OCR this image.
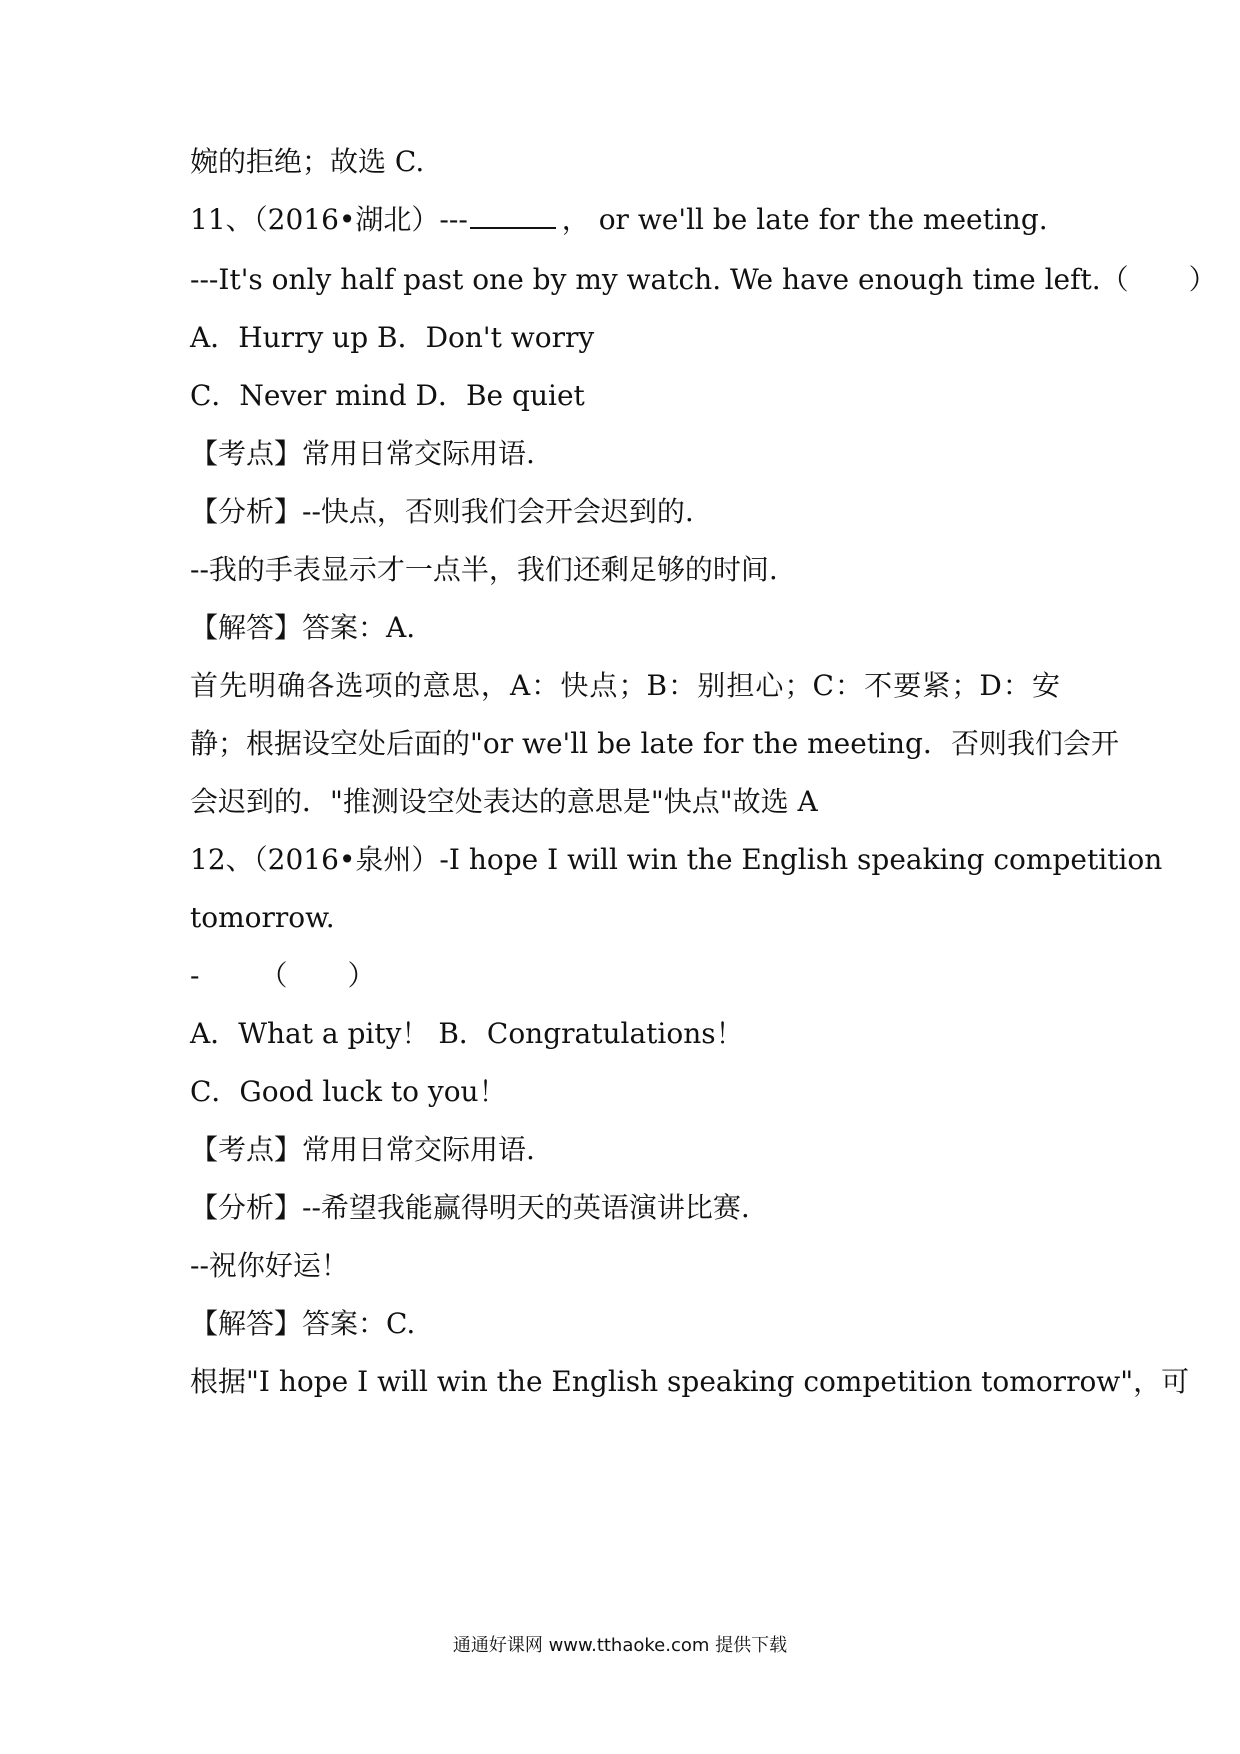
婉的拒绝；故选 C.
11、（2016•湖北）---	， or we'll be late for the meeting.
---It's only half past one by my watch. We have enough time left.（ ）
A．Hurry up B．Don't worry
C．Never mind D．Be quiet
【考点】常用日常交际用语.
【分析】--快点，否则我们会开会迟到的.
--我的手表显示才一点半，我们还剩足够的时间.
【解答】答案：A.
首先明确各选项的意思，A：快点；B：别担心；C：不要紧；D：安
静；根据设空处后面的"or we'll be late for the meeting．否则我们会开
会迟到的．"推测设空处表达的意思是"快点"故选 A
12、（2016•泉州）-I hope I will win the English speaking competition
tomorrow.
- （ ）
A．What a pity！ B．Congratulations！
C．Good luck to you！
【考点】常用日常交际用语.
【分析】--希望我能赢得明天的英语演讲比赛.
--祝你好运！
【解答】答案：C.
根据"I hope I will win the English speaking competition tomorrow"，可
通通好课网 www.tthaoke.com 提供下载
